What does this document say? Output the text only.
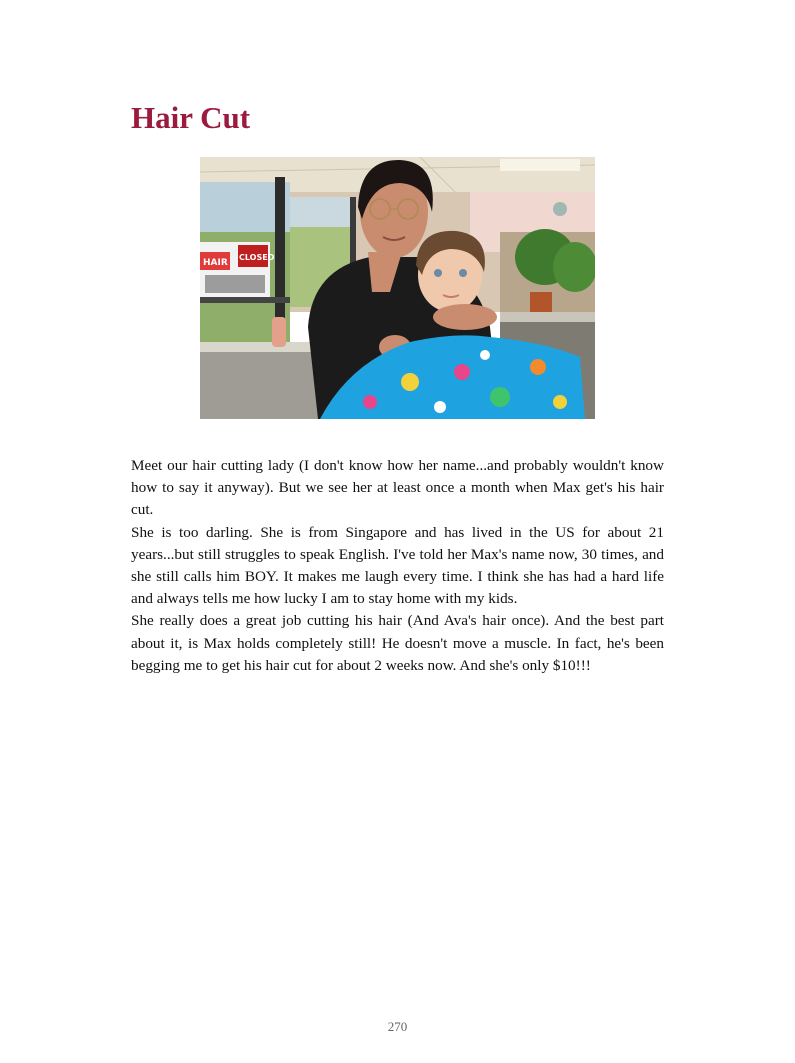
Hair Cut
HAIR
CLOSED

Meet our hair cutting lady (I don't know how her name...and probably wouldn't know how to say it anyway). But we see her at least once a month when Max get's his hair cut.

She is too darling. She is from Singapore and has lived in the US for about 21 years...but still struggles to speak English. I've told her Max's name now, 30 times, and she still calls him BOY. It makes me laugh every time. I think she has had a hard life and always tells me how lucky I am to stay home with my kids.

She really does a great job cutting his hair (And Ava's hair once). And the best part about it, is Max holds completely still! He doesn't move a muscle. In fact, he's been begging me to get his hair cut for about 2 weeks now. And she's only $10!!!

270
